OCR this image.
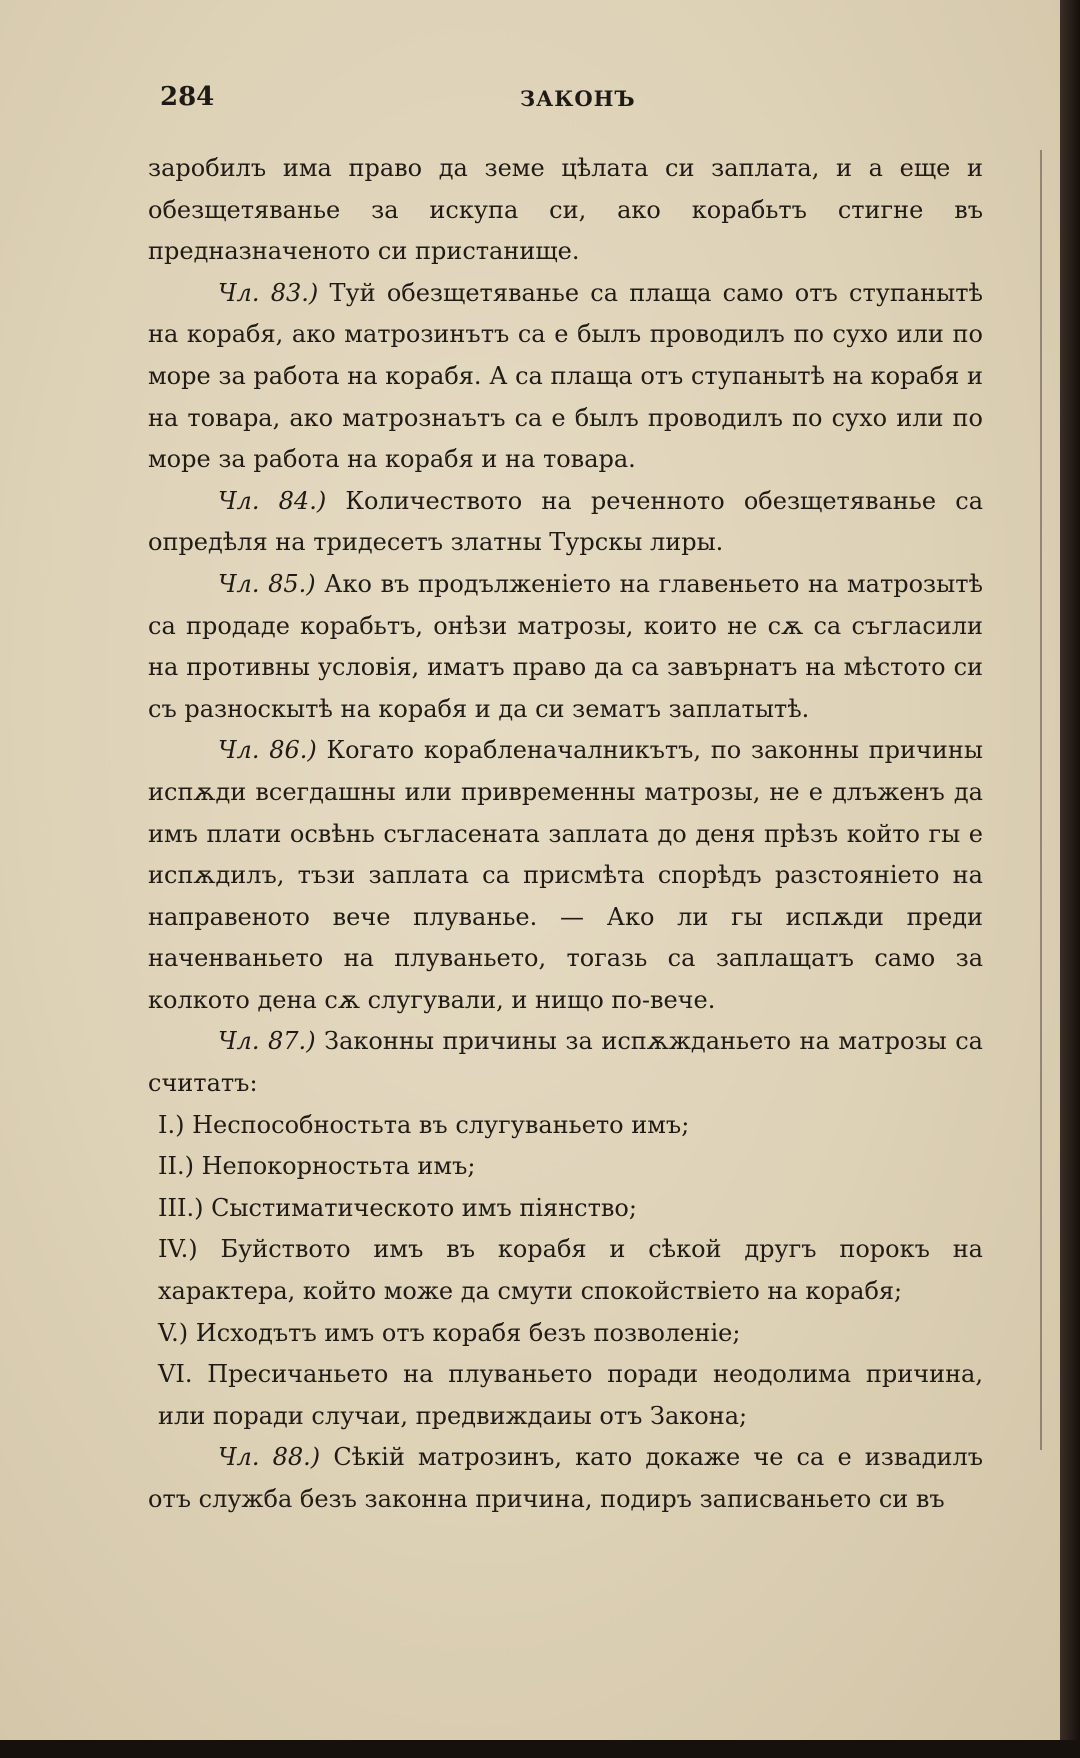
284	ЗАКОНЪ

заробилъ има право да земе цѣлата си заплата, и а еще и обезщетяванье за искупа си, ако корабьтъ стигне въ предназначеното си пристанище.

Чл. 83.) Туй обезщетяванье са плаща само отъ ступанытѣ на корабя, ако матрозинътъ са е былъ проводилъ по сухо или по море за работа на корабя. А са плаща отъ ступанытѣ на корабя и на товара, ако матрознаътъ са е былъ проводилъ по сухо или по море за работа на корабя и на товара.

Чл. 84.) Количеството на реченното обезщетяванье са опредѣля на тридесетъ златны Турскы лиры.

Чл. 85.) Ако въ продълженіето на главеньето на матрозытѣ са продаде корабьтъ, онѣзи матрозы, които не сѫ са съгласили на противны условія, иматъ право да са завърнатъ на мѣстото си съ разноскытѣ на корабя и да си зематъ заплатытѣ.

Чл. 86.) Когато корабленачалникътъ, по законны причины испѫди всегдашны или привременны матрозы, не е длъженъ да имъ плати освѣнь съгласената заплата до деня прѣзъ който гы е испѫдилъ, тъзи заплата са присмѣта спорѣдъ разстояніето на направеното вече плуванье. — Ако ли гы испѫди преди наченваньето на плуваньето, тогазь са заплащатъ само за колкото дена сѫ слугували, и нищо по-вече.

Чл. 87.) Законны причины за испѫжданьето на матрозы са считатъ:

I.) Неспособностьта въ слугуваньето имъ;

II.) Непокорностьта имъ;

III.) Сыстиматическото имъ піянство;

IV.) Буйството имъ въ корабя и сѣкой другъ порокъ на характера, който може да смути спокойствіето на корабя;

V.) Исходътъ имъ отъ корабя безъ позволеніе;

VI. Пресичаньето на плуваньето поради неодолима причина, или поради случаи, предвиждаиы отъ Закона;

Чл. 88.) Сѣкій матрозинъ, като докаже че са е извадилъ отъ служба безъ законна причина, подиръ записваньето си въ
